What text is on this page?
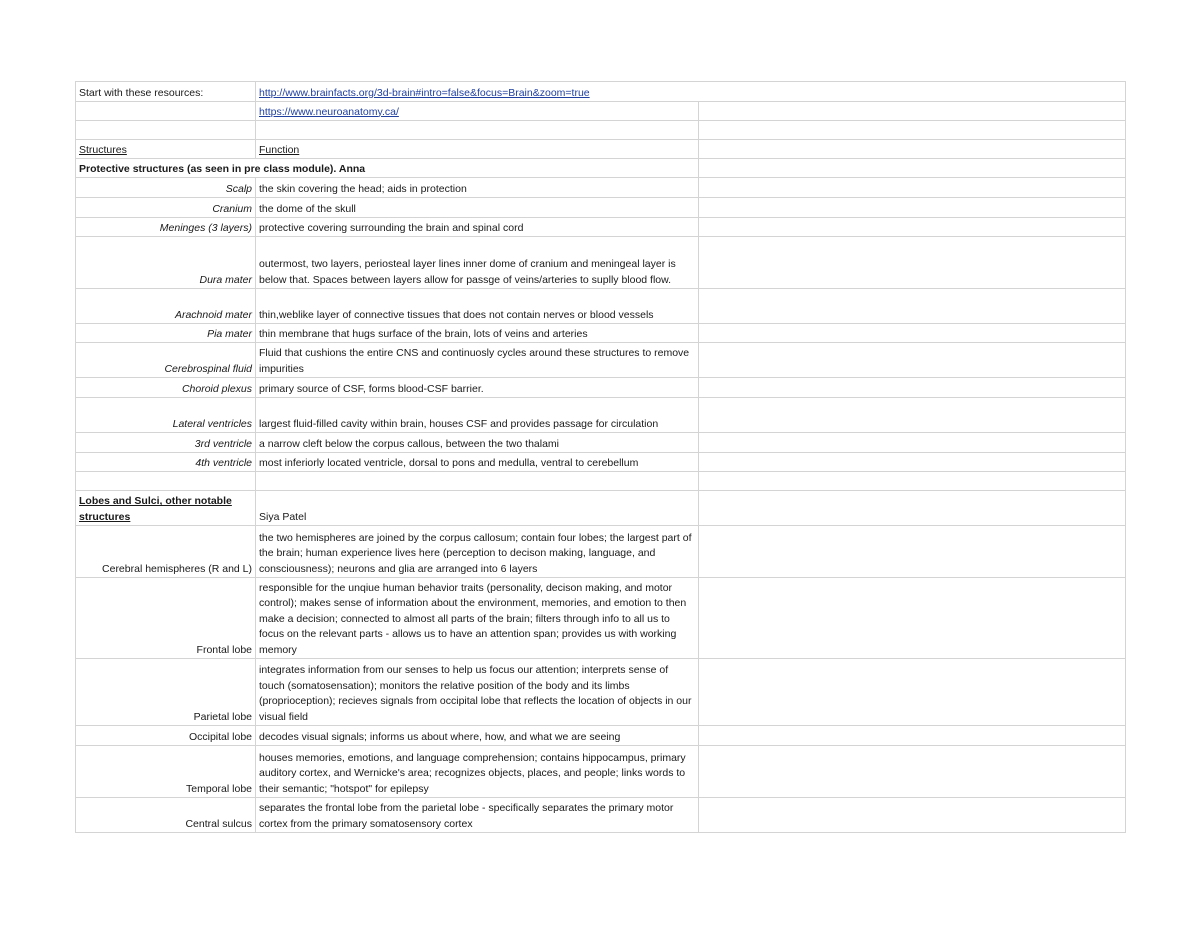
Start with these resources:	http://www.brainfacts.org/3d-brain#intro=false&focus=Brain&zoom=true	
	https://www.neuroanatomy.ca/	

Structures	Function	
Protective structures (as seen in pre class module). Anna		
Scalp	the skin covering the head; aids in protection	
Cranium	the dome of the skull	
Meninges (3 layers)	protective covering surrounding the brain and spinal cord	
Dura mater	outermost, two layers, periosteal layer lines inner dome of cranium and meningeal layer is below that. Spaces between layers allow for passge of veins/arteries to suplly blood flow.	
Arachnoid mater	thin,weblike layer of connective tissues that does not contain nerves or blood vessels	
Pia mater	thin membrane that hugs surface of the brain, lots of veins and arteries	
Cerebrospinal fluid	Fluid that cushions the entire CNS and continuosly cycles around these structures to remove impurities	
Choroid plexus	primary source of CSF, forms blood-CSF barrier.	
Lateral ventricles	largest fluid-filled cavity within brain, houses CSF and provides passage for circulation	
3rd ventricle	a narrow cleft below the corpus callous, between the two thalami	
4th ventricle	most inferiorly located ventricle, dorsal to pons and medulla, ventral to cerebellum	

Lobes and Sulci, other notable structures	Siya Patel	
Cerebral hemispheres (R and L)	the two hemispheres are joined by the corpus callosum; contain four lobes; the largest part of the brain; human experience lives here (perception to decison making, language, and consciousness); neurons and glia are arranged into 6 layers	
Frontal lobe	responsible for the unqiue human behavior traits (personality, decison making, and motor control); makes sense of information about the environment, memories, and emotion to then make a decision; connected to almost all parts of the brain; filters through info to all us to focus on the relevant parts - allows us to have an attention span; provides us with working memory	
Parietal lobe	integrates information from our senses to help us focus our attention; interprets sense of touch (somatosensation); monitors the relative position of the body and its limbs (proprioception); recieves signals from occipital lobe that reflects the location of objects in our visual field	
Occipital lobe	decodes visual signals; informs us about where, how, and what we are seeing	
Temporal lobe	houses memories, emotions, and language comprehension; contains hippocampus, primary auditory cortex, and Wernicke's area; recognizes objects, places, and people; links words to their semantic; "hotspot" for epilepsy	
Central sulcus	separates the frontal lobe from the parietal lobe - specifically separates the primary motor cortex from the primary somatosensory cortex	
